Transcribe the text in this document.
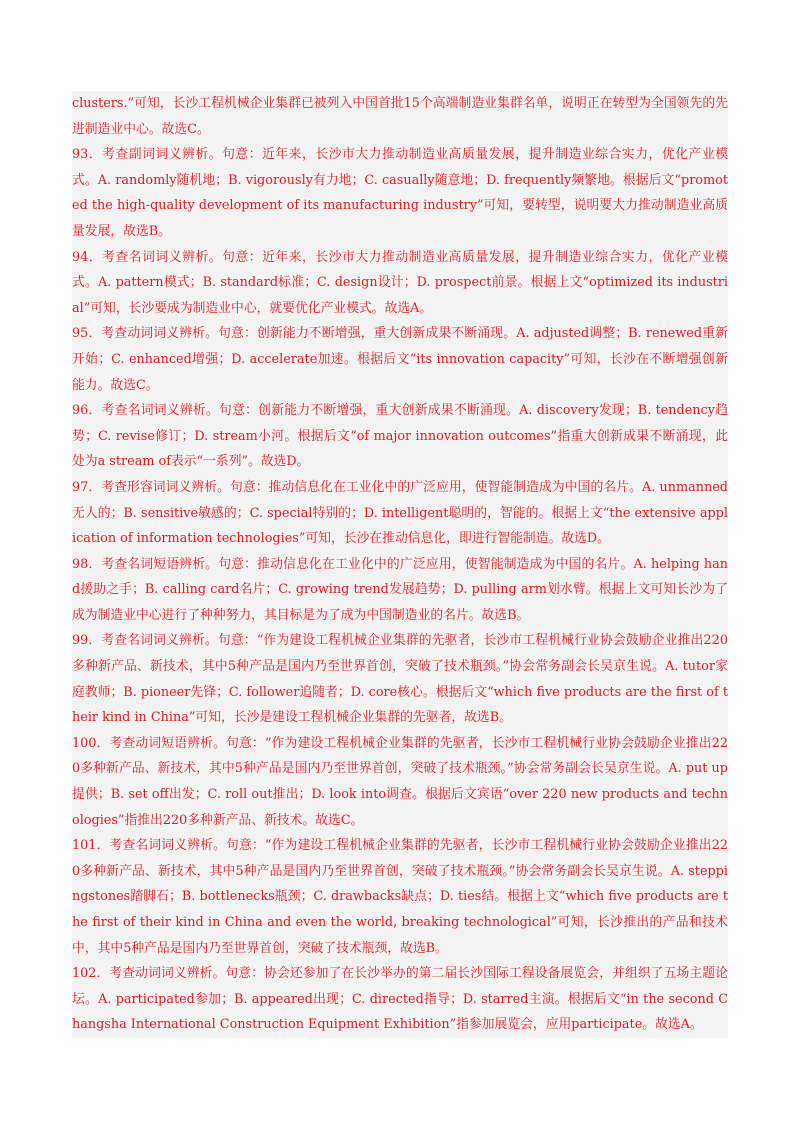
clusters.”可知，长沙工程机械企业集群已被列入中国首批15个高端制造业集群名单，说明正在转型为全国领先的先进制造业中心。故选C。

93．考查副词词义辨析。句意：近年来，长沙市大力推动制造业高质量发展，提升制造业综合实力，优化产业模式。A. randomly随机地；B. vigorously有力地；C. casually随意地；D. frequently频繁地。根据后文“promoted the high-quality development of its manufacturing industry”可知，要转型，说明要大力推动制造业高质量发展，故选B。

94．考查名词词义辨析。句意：近年来，长沙市大力推动制造业高质量发展，提升制造业综合实力，优化产业模式。A. pattern模式；B. standard标准；C. design设计；D. prospect前景。根据上文“optimized its industrial”可知，长沙要成为制造业中心，就要优化产业模式。故选A。

95．考查动词词义辨析。句意：创新能力不断增强，重大创新成果不断涌现。A. adjusted调整；B. renewed重新开始；C. enhanced增强；D. accelerate加速。根据后文“its innovation capacity”可知，长沙在不断增强创新能力。故选C。

96．考查名词词义辨析。句意：创新能力不断增强，重大创新成果不断涌现。A. discovery发现；B. tendency趋势；C. revise修订；D. stream小河。根据后文“of major innovation outcomes”指重大创新成果不断涌现，此处为a stream of表示“一系列”。故选D。

97．考查形容词词义辨析。句意：推动信息化在工业化中的广泛应用，使智能制造成为中国的名片。A. unmanned无人的；B. sensitive敏感的；C. special特别的；D. intelligent聪明的，智能的。根据上文“the extensive application of information technologies”可知，长沙在推动信息化，即进行智能制造。故选D。

98．考查名词短语辨析。句意：推动信息化在工业化中的广泛应用，使智能制造成为中国的名片。A. helping hand援助之手；B. calling card名片；C. growing trend发展趋势；D. pulling arm划水臂。根据上文可知长沙为了成为制造业中心进行了种种努力，其目标是为了成为中国制造业的名片。故选B。

99．考查名词词义辨析。句意：“作为建设工程机械企业集群的先驱者，长沙市工程机械行业协会鼓励企业推出220多种新产品、新技术，其中5种产品是国内乃至世界首创，突破了技术瓶颈。”协会常务副会长吴京生说。A. tutor家庭教师；B. pioneer先锋；C. follower追随者；D. core核心。根据后文“which five products are the first of their kind in China”可知，长沙是建设工程机械企业集群的先驱者，故选B。

100．考查动词短语辨析。句意：“作为建设工程机械企业集群的先驱者，长沙市工程机械行业协会鼓励企业推出220多种新产品、新技术，其中5种产品是国内乃至世界首创，突破了技术瓶颈。”协会常务副会长吴京生说。A. put up提供；B. set off出发；C. roll out推出；D. look into调查。根据后文宾语“over 220 new products and technologies”指推出220多种新产品、新技术。故选C。

101．考查名词词义辨析。句意：“作为建设工程机械企业集群的先驱者，长沙市工程机械行业协会鼓励企业推出220多种新产品、新技术，其中5种产品是国内乃至世界首创，突破了技术瓶颈。”协会常务副会长吴京生说。A. steppingstones踏脚石；B. bottlenecks瓶颈；C. drawbacks缺点；D. ties结。根据上文“which five products are the first of their kind in China and even the world, breaking technological”可知，长沙推出的产品和技术中，其中5种产品是国内乃至世界首创，突破了技术瓶颈，故选B。

102．考查动词词义辨析。句意：协会还参加了在长沙举办的第二届长沙国际工程设备展览会，并组织了五场主题论坛。A. participated参加；B. appeared出现；C. directed指导；D. starred主演。根据后文“in the second Changsha International Construction Equipment Exhibition”指参加展览会，应用participate。故选A。
